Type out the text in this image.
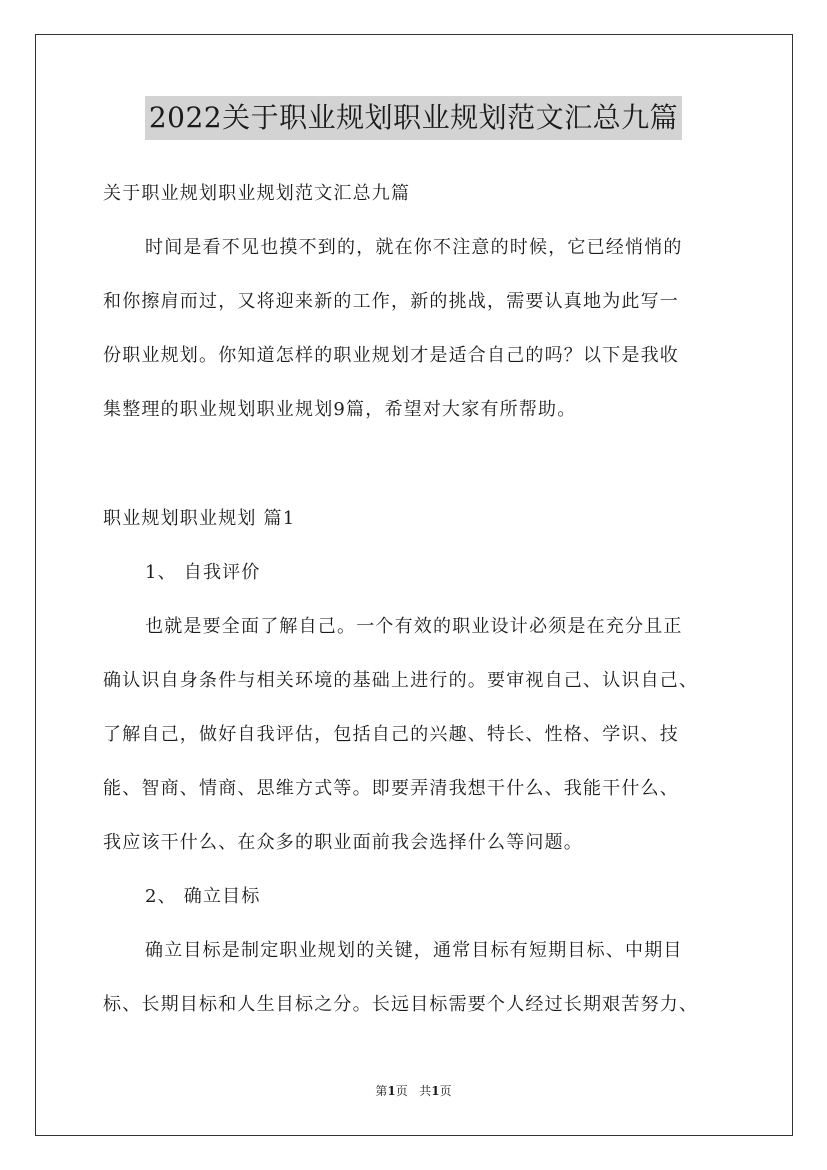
2022关于职业规划职业规划范文汇总九篇
关于职业规划职业规划范文汇总九篇
时间是看不见也摸不到的，就在你不注意的时候，它已经悄悄的
和你擦肩而过，又将迎来新的工作，新的挑战，需要认真地为此写一
份职业规划。你知道怎样的职业规划才是适合自己的吗？以下是我收
集整理的职业规划职业规划9篇，希望对大家有所帮助。
职业规划职业规划 篇1
1、 自我评价
也就是要全面了解自己。一个有效的职业设计必须是在充分且正
确认识自身条件与相关环境的基础上进行的。要审视自己、认识自己、
了解自己，做好自我评估，包括自己的兴趣、特长、性格、学识、技
能、智商、情商、思维方式等。即要弄清我想干什么、我能干什么、
我应该干什么、在众多的职业面前我会选择什么等问题。
2、 确立目标
确立目标是制定职业规划的关键，通常目标有短期目标、中期目
标、长期目标和人生目标之分。长远目标需要个人经过长期艰苦努力、
第1页 共1页
